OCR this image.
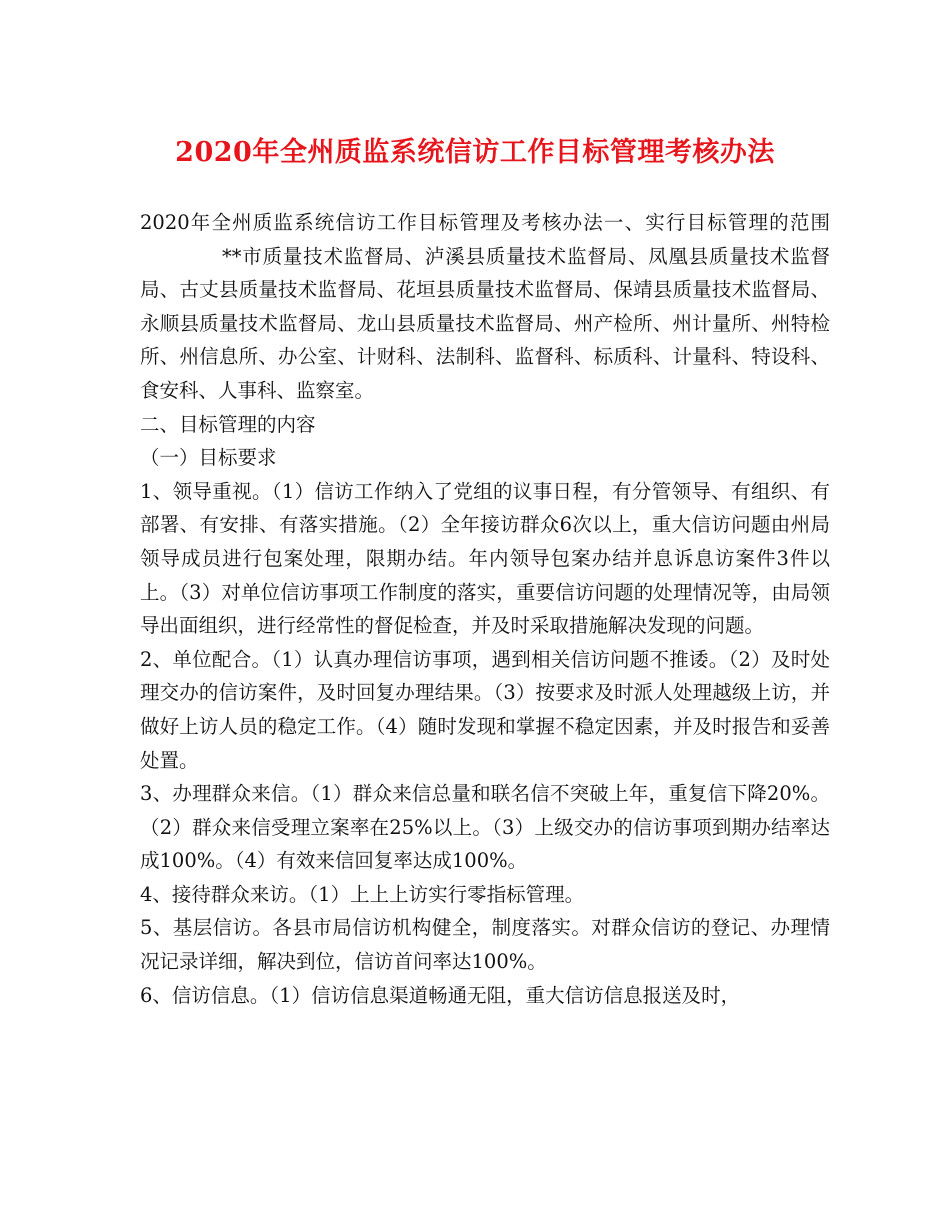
2020年全州质监系统信访工作目标管理考核办法

2020年全州质监系统信访工作目标管理及考核办法一、实行目标管理的范围**市质量技术监督局、泸溪县质量技术监督局、凤凰县质量技术监督局、古丈县质量技术监督局、花垣县质量技术监督局、保靖县质量技术监督局、永顺县质量技术监督局、龙山县质量技术监督局、州产检所、州计量所、州特检所、州信息所、办公室、计财科、法制科、监督科、标质科、计量科、特设科、食安科、人事科、监察室。

二、目标管理的内容

（一）目标要求

1、领导重视。（1）信访工作纳入了党组的议事日程，有分管领导、有组织、有部署、有安排、有落实措施。（2）全年接访群众6次以上，重大信访问题由州局领导成员进行包案处理，限期办结。年内领导包案办结并息诉息访案件3件以上。（3）对单位信访事项工作制度的落实，重要信访问题的处理情况等，由局领导出面组织，进行经常性的督促检查，并及时采取措施解决发现的问题。

2、单位配合。（1）认真办理信访事项，遇到相关信访问题不推诿。（2）及时处理交办的信访案件，及时回复办理结果。（3）按要求及时派人处理越级上访，并做好上访人员的稳定工作。（4）随时发现和掌握不稳定因素，并及时报告和妥善处置。

3、办理群众来信。（1）群众来信总量和联名信不突破上年，重复信下降20%。（2）群众来信受理立案率在25%以上。（3）上级交办的信访事项到期办结率达成100%。（4）有效来信回复率达成100%。

4、接待群众来访。（1）上上上访实行零指标管理。

5、基层信访。各县市局信访机构健全，制度落实。对群众信访的登记、办理情况记录详细，解决到位，信访首问率达100%。

6、信访信息。（1）信访信息渠道畅通无阻，重大信访信息报送及时，
